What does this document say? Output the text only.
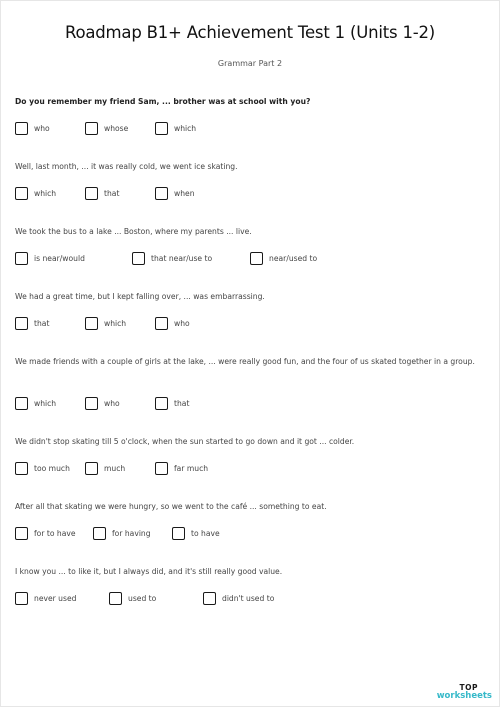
Roadmap B1+ Achievement Test 1 (Units 1-2)
Grammar Part 2
Do you remember my friend Sam, ... brother was at school with you?
who	whose	which
Well, last month, ... it was really cold, we went ice skating.
which	that	when
We took the bus to a lake ... Boston, where my parents ... live.
is near/would	that near/use to	near/used to
We had a great time, but I kept falling over, ... was embarrassing.
that	which	who
We made friends with a couple of girls at the lake, ... were really good fun, and the four of us skated together in a group.
which	who	that
We didn't stop skating till 5 o'clock, when the sun started to go down and it got ... colder.
too much	much	far much
After all that skating we were hungry, so we went to the café ... something to eat.
for to have	for having	to have
I know you ... to like it, but I always did, and it's still really good value.
never used	used to	didn't used to
TOP
worksheets
